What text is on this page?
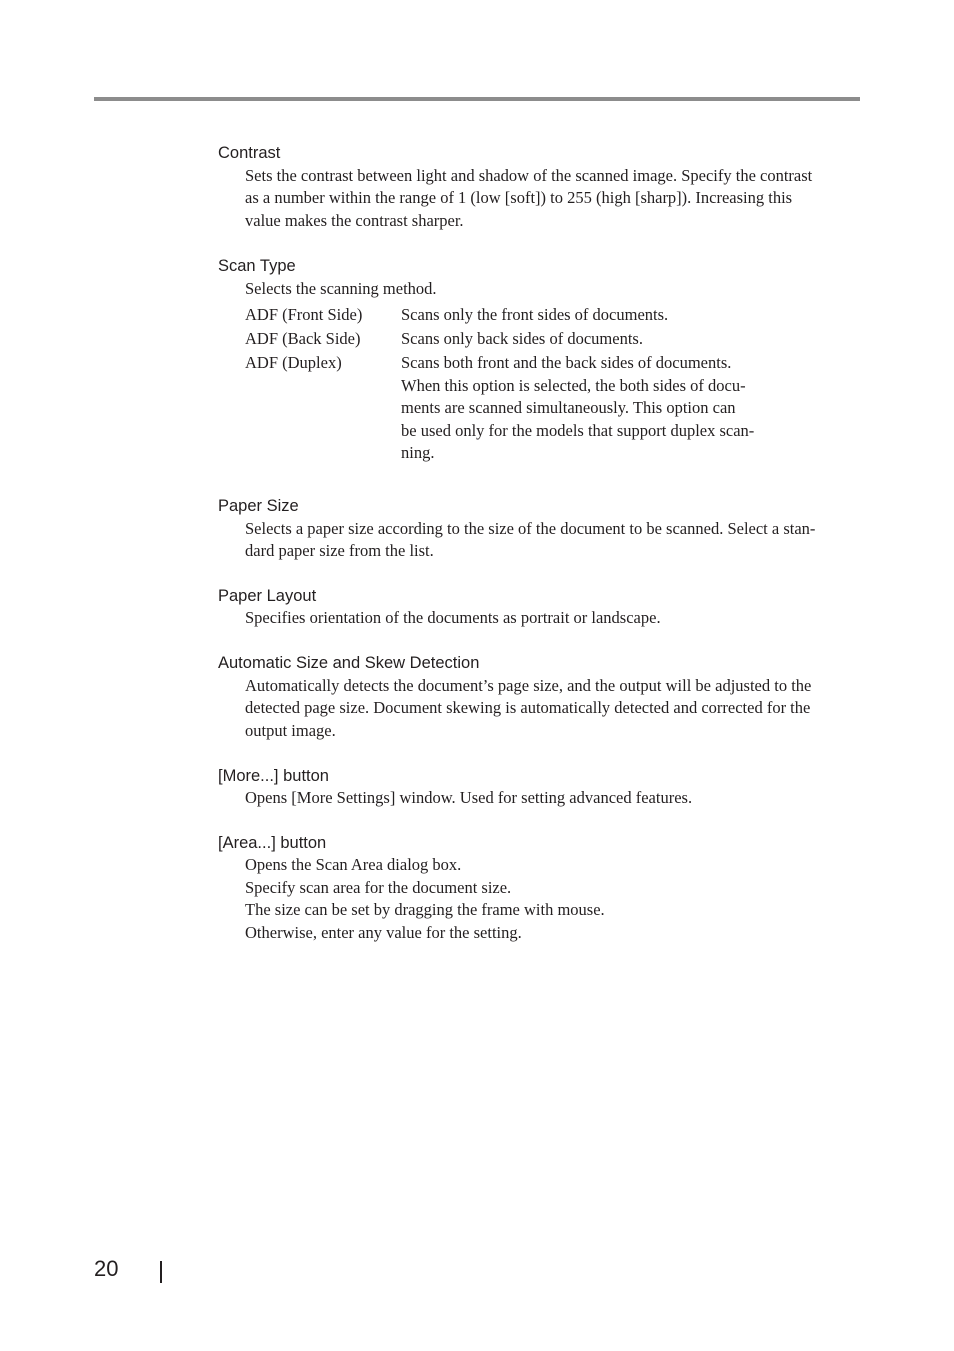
Contrast
Sets the contrast between light and shadow of the scanned image. Specify the contrast
as a number within the range of 1 (low [soft]) to 255 (high [sharp]). Increasing this
value makes the contrast sharper.
Scan Type
Selects the scanning method.
ADF (Front Side) Scans only the front sides of documents.
ADF (Back Side) Scans only back sides of documents.
ADF (Duplex)	Scans both front and the back sides of documents.
When this option is selected, the both sides of docu-
ments are scanned simultaneously. This option can
be used only for the models that support duplex scan-
ning.
Paper Size
Selects a paper size according to the size of the document to be scanned. Select a stan-
dard paper size from the list.
Paper Layout
Specifies orientation of the documents as portrait or landscape.
Automatic Size and Skew Detection
Automatically detects the document’s page size, and the output will be adjusted to the
detected page size. Document skewing is automatically detected and corrected for the
output image.
[More...] button
Opens [More Settings] window. Used for setting advanced features.
[Area...] button
Opens the Scan Area dialog box.
Specify scan area for the document size.
The size can be set by dragging the frame with mouse.
Otherwise, enter any value for the setting.
20
